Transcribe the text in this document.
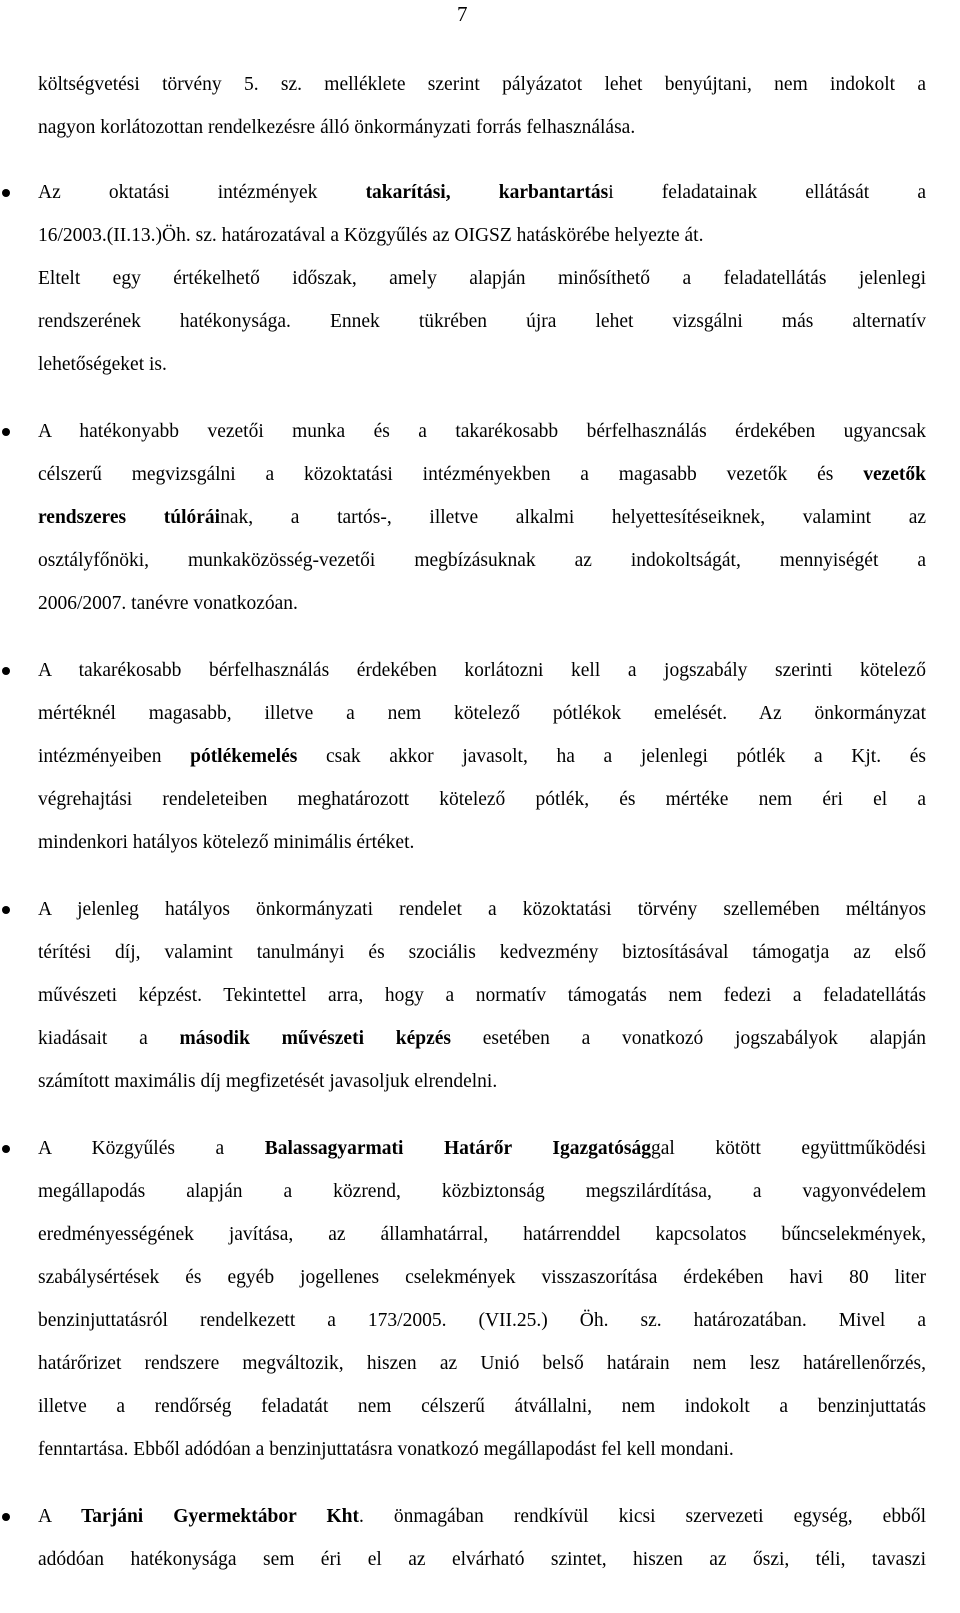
7
költségvetési törvény 5. sz. melléklete szerint pályázatot lehet benyújtani, nem indokolt a
nagyon korlátozottan rendelkezésre álló önkormányzati forrás felhasználása.
Az oktatási intézmények takarítási, karbantartási feladatainak ellátását a
16/2003.(II.13.)Öh. sz. határozatával a Közgyűlés az OIGSZ hatáskörébe helyezte át.
Eltelt egy értékelhető időszak, amely alapján minősíthető a feladatellátás jelenlegi
rendszerének hatékonysága. Ennek tükrében újra lehet vizsgálni más alternatív
lehetőségeket is.
A hatékonyabb vezetői munka és a takarékosabb bérfelhasználás érdekében ugyancsak
célszerű megvizsgálni a közoktatási intézményekben a magasabb vezetők és vezetők
rendszeres túlóráinak, a tartós-, illetve alkalmi helyettesítéseiknek, valamint az
osztályfőnöki, munkaközösség-vezetői megbízásuknak az indokoltságát, mennyiségét a
2006/2007. tanévre vonatkozóan.
A takarékosabb bérfelhasználás érdekében korlátozni kell a jogszabály szerinti kötelező
mértéknél magasabb, illetve a nem kötelező pótlékok emelését. Az önkormányzat
intézményeiben pótlékemelés csak akkor javasolt, ha a jelenlegi pótlék a Kjt. és
végrehajtási rendeleteiben meghatározott kötelező pótlék, és mértéke nem éri el a
mindenkori hatályos kötelező minimális értéket.
A jelenleg hatályos önkormányzati rendelet a közoktatási törvény szellemében méltányos
térítési díj, valamint tanulmányi és szociális kedvezmény biztosításával támogatja az első
művészeti képzést. Tekintettel arra, hogy a normatív támogatás nem fedezi a feladatellátás
kiadásait a második művészeti képzés esetében a vonatkozó jogszabályok alapján
számított maximális díj megfizetését javasoljuk elrendelni.
A Közgyűlés a Balassagyarmati Határőr Igazgatósággal kötött együttműködési
megállapodás alapján a közrend, közbiztonság megszilárdítása, a vagyonvédelem
eredményességének javítása, az államhatárral, határrenddel kapcsolatos bűncselekmények,
szabálysértések és egyéb jogellenes cselekmények visszaszorítása érdekében havi 80 liter
benzinjuttatásról rendelkezett a 173/2005. (VII.25.) Öh. sz. határozatában. Mivel a
határőrizet rendszere megváltozik, hiszen az Unió belső határain nem lesz határellenőrzés,
illetve a rendőrség feladatát nem célszerű átvállalni, nem indokolt a benzinjuttatás
fenntartása. Ebből adódóan a benzinjuttatásra vonatkozó megállapodást fel kell mondani.
A Tarjáni Gyermektábor Kht. önmagában rendkívül kicsi szervezeti egység, ebből
adódóan hatékonysága sem éri el az elvárható szintet, hiszen az őszi, téli, tavaszi
